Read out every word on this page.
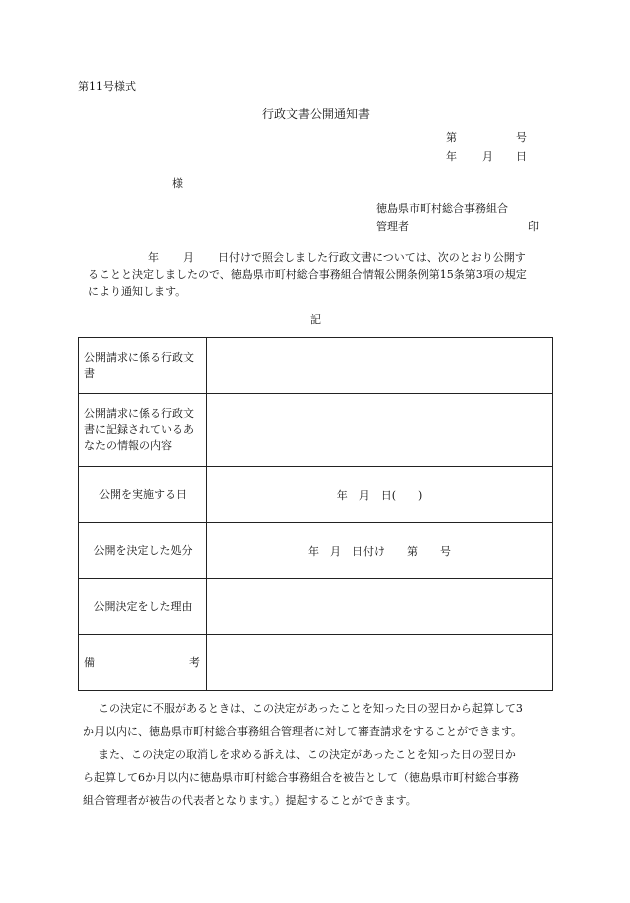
第11号様式
行政文書公開通知書
第	号
年 月 日
様
徳島県市町村総合事務組合
管理者	印
年 月 日付けで照会しました行政文書については、次のとおり公開す
ることと決定しましたので、徳島県市町村総合事務組合情報公開条例第15条第3項の規定
により通知します。
記
公開請求に係る行政文書	
公開請求に係る行政文書に記録されているあなたの情報の内容	
公開を実施する日	年　月　日(　　)
公開を決定した処分	年　月　日付け　　第　　号
公開決定をした理由	

備 考	

この決定に不服があるときは、この決定があったことを知った日の翌日から起算して3
か月以内に、徳島県市町村総合事務組合管理者に対して審査請求をすることができます。
また、この決定の取消しを求める訴えは、この決定があったことを知った日の翌日か
ら起算して6か月以内に徳島県市町村総合事務組合を被告として（徳島県市町村総合事務
組合管理者が被告の代表者となります。）提起することができます。
